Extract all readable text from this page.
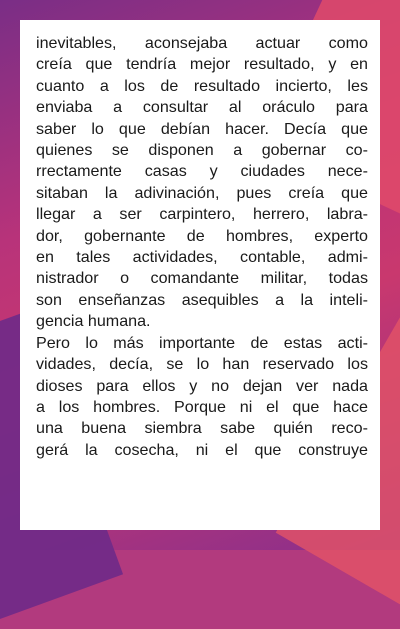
inevitables, aconsejaba actuar como
creía que tendría mejor resultado, y en
cuanto a los de resultado incierto, les
enviaba a consultar al oráculo para
saber lo que debían hacer. Decía que
quienes se disponen a gobernar co-
rrectamente casas y ciudades nece-
sitaban la adivinación, pues creía que
llegar a ser carpintero, herrero, labra-
dor, gobernante de hombres, experto
en tales actividades, contable, admi-
nistrador o comandante militar, todas
son enseñanzas asequibles a la inteli-
gencia humana.

Pero lo más importante de estas acti-
vidades, decía, se lo han reservado los
dioses para ellos y no dejan ver nada
a los hombres. Porque ni el que hace
una buena siembra sabe quién reco-
gerá la cosecha, ni el que construye
